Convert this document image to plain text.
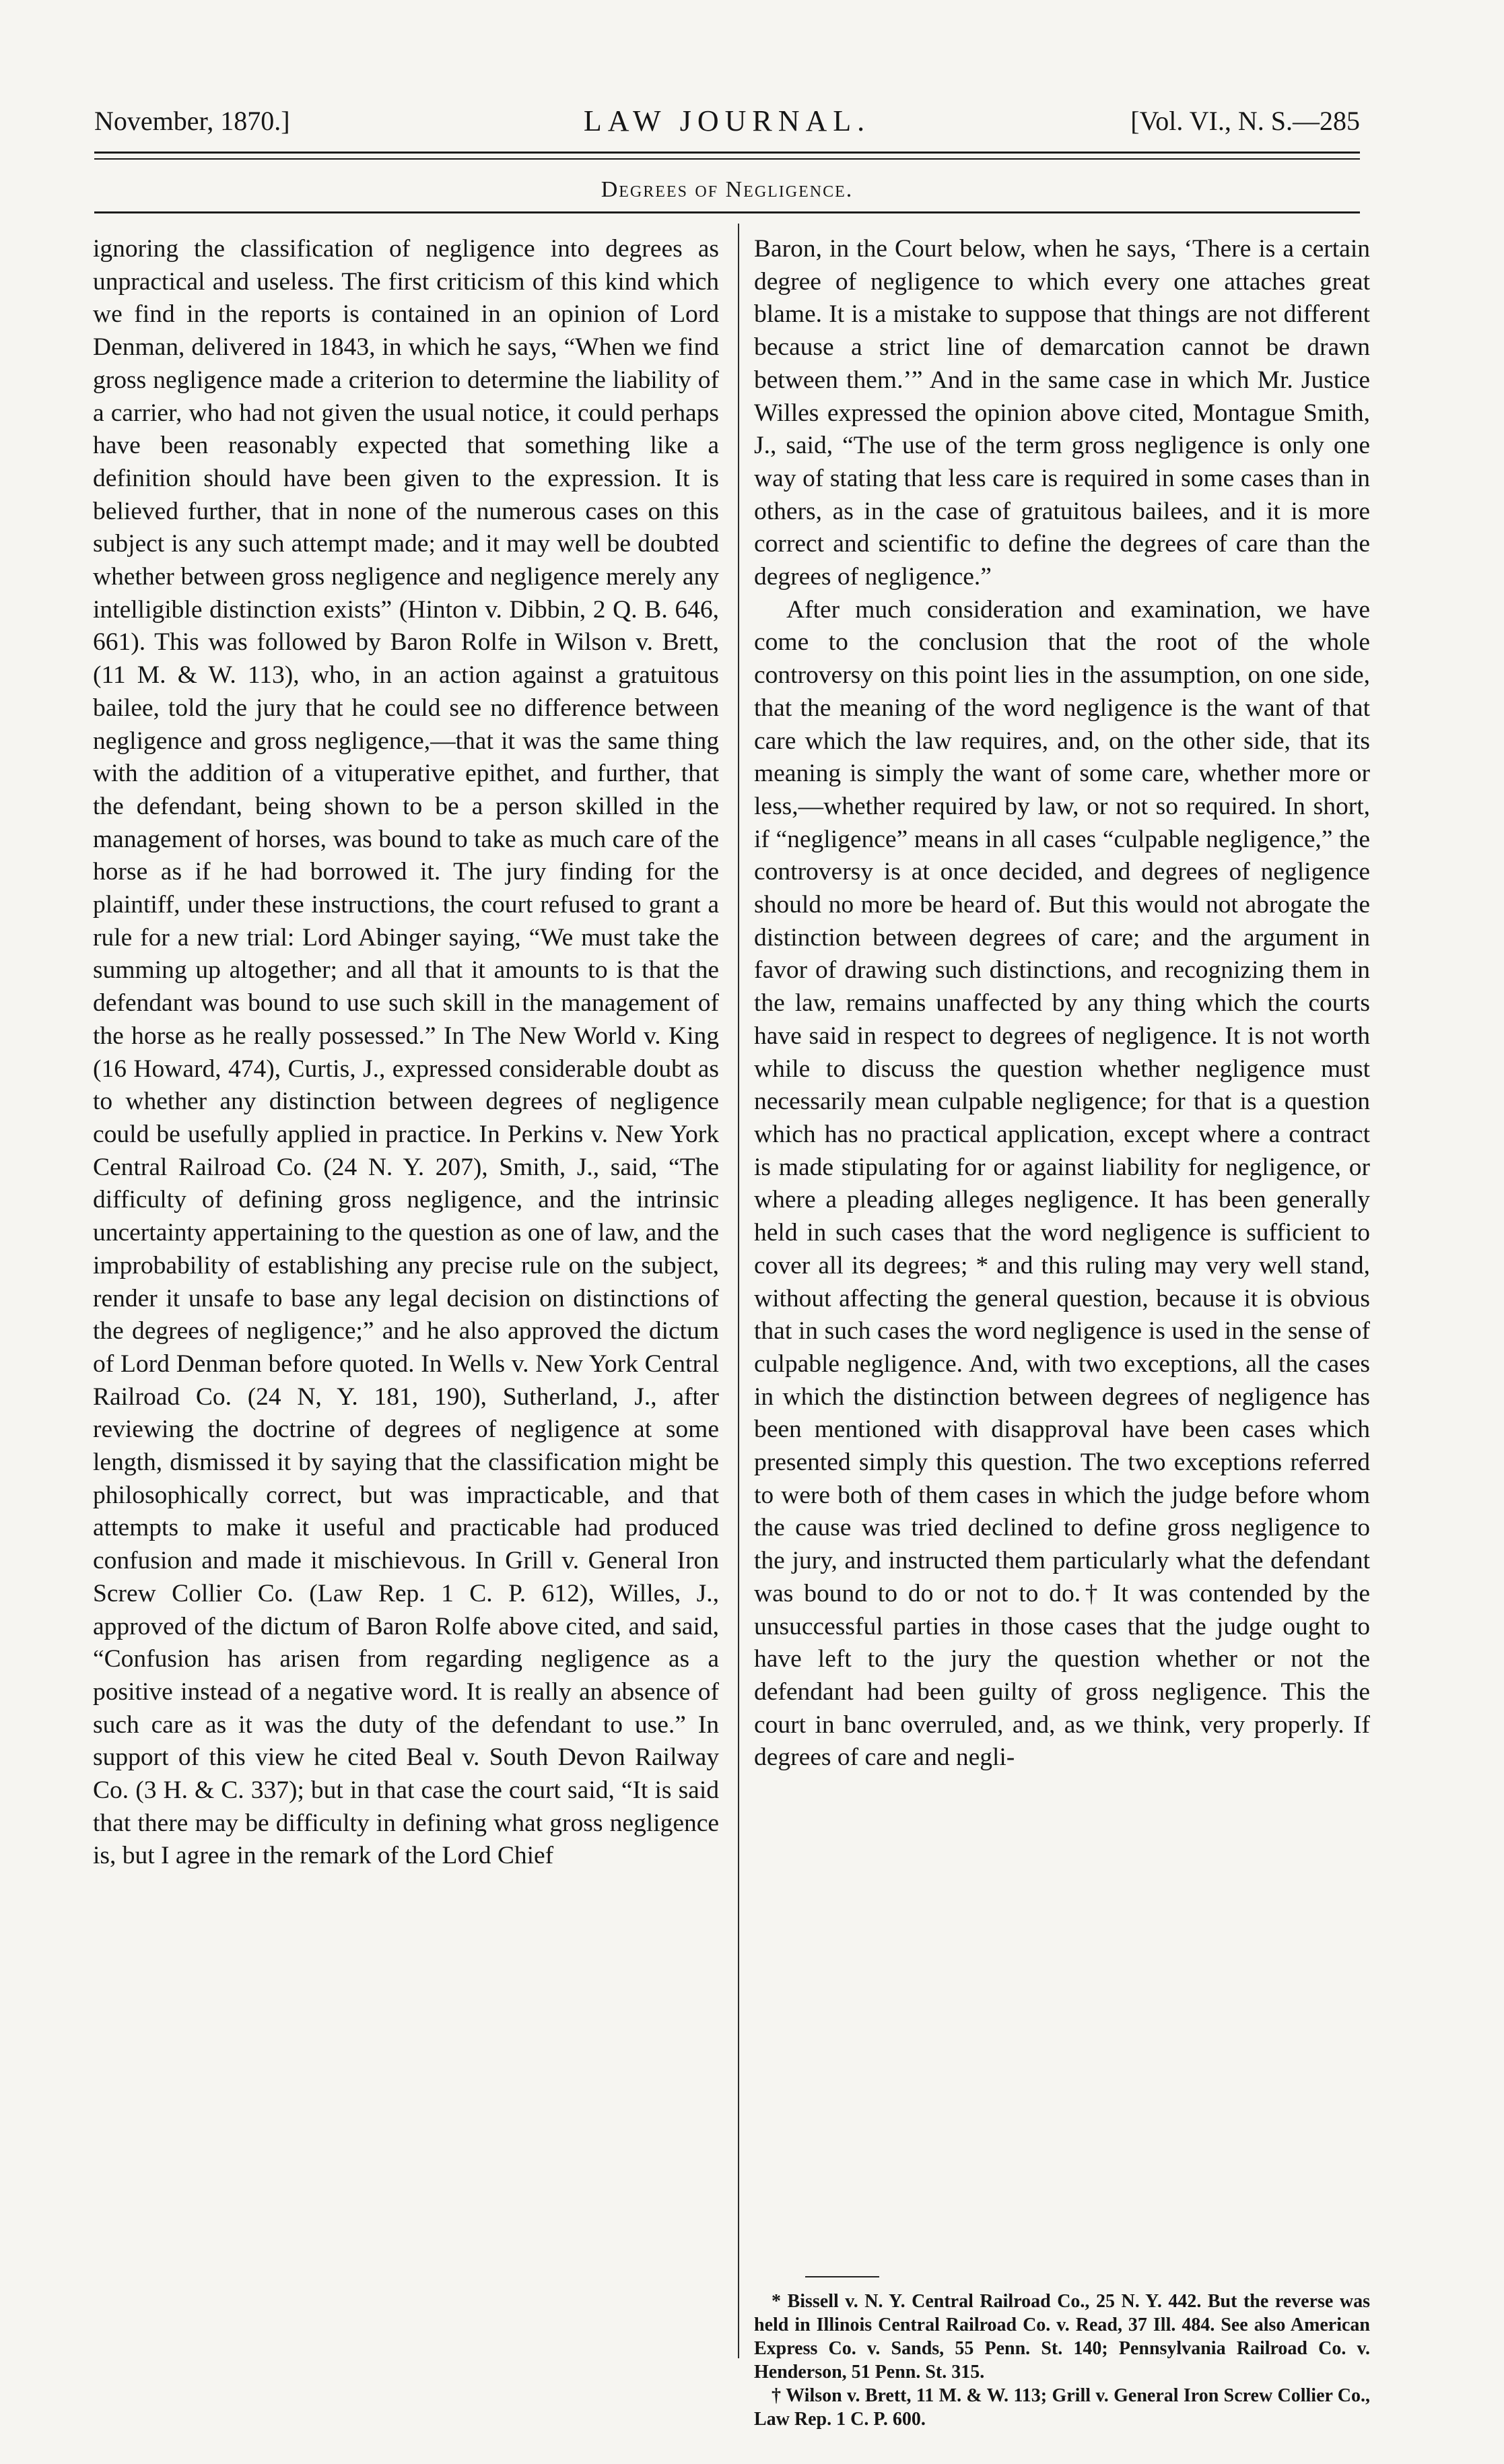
November, 1870.]	LAW JOURNAL.	[Vol. VI., N. S.—285
Degrees of Negligence.

ignoring the classification of negligence into degrees as unpractical and useless. The first criticism of this kind which we find in the reports is contained in an opinion of Lord Denman, delivered in 1843, in which he says, “When we find gross negligence made a criterion to determine the liability of a carrier, who had not given the usual notice, it could perhaps have been reasonably expected that something like a definition should have been given to the expression. It is believed further, that in none of the numerous cases on this subject is any such attempt made; and it may well be doubted whether between gross negligence and negligence merely any intelligible distinction exists” (Hinton v. Dibbin, 2 Q. B. 646, 661). This was followed by Baron Rolfe in Wilson v. Brett, (11 M. & W. 113), who, in an action against a gratuitous bailee, told the jury that he could see no difference between negligence and gross negligence,—that it was the same thing with the addition of a vituperative epithet, and further, that the defendant, being shown to be a person skilled in the management of horses, was bound to take as much care of the horse as if he had borrowed it. The jury finding for the plaintiff, under these instructions, the court refused to grant a rule for a new trial: Lord Abinger saying, “We must take the summing up altogether; and all that it amounts to is that the defendant was bound to use such skill in the management of the horse as he really possessed.” In The New World v. King (16 Howard, 474), Curtis, J., expressed considerable doubt as to whether any distinction between degrees of negligence could be usefully applied in practice. In Perkins v. New York Central Railroad Co. (24 N. Y. 207), Smith, J., said, “The difficulty of defining gross negligence, and the intrinsic uncertainty appertaining to the question as one of law, and the improbability of establishing any precise rule on the subject, render it unsafe to base any legal decision on distinctions of the degrees of negligence;” and he also approved the dictum of Lord Denman before quoted. In Wells v. New York Central Railroad Co. (24 N, Y. 181, 190), Sutherland, J., after reviewing the doctrine of degrees of negligence at some length, dismissed it by saying that the classification might be philosophically correct, but was impracticable, and that attempts to make it useful and practicable had produced confusion and made it mischievous. In Grill v. General Iron Screw Collier Co. (Law Rep. 1 C. P. 612), Willes, J., approved of the dictum of Baron Rolfe above cited, and said, “Confusion has arisen from regarding negligence as a positive instead of a negative word. It is really an absence of such care as it was the duty of the defendant to use.” In support of this view he cited Beal v. South Devon Railway Co. (3 H. & C. 337); but in that case the court said, “It is said that there may be difficulty in defining what gross negligence is, but I agree in the remark of the Lord Chief

Baron, in the Court below, when he says, ‘There is a certain degree of negligence to which every one attaches great blame. It is a mistake to suppose that things are not different because a strict line of demarcation cannot be drawn between them.’” And in the same case in which Mr. Justice Willes expressed the opinion above cited, Montague Smith, J., said, “The use of the term gross negligence is only one way of stating that less care is required in some cases than in others, as in the case of gratuitous bailees, and it is more correct and scientific to define the degrees of care than the degrees of negligence.”

After much consideration and examination, we have come to the conclusion that the root of the whole controversy on this point lies in the assumption, on one side, that the meaning of the word negligence is the want of that care which the law requires, and, on the other side, that its meaning is simply the want of some care, whether more or less,—whether required by law, or not so required. In short, if “negligence” means in all cases “culpable negligence,” the controversy is at once decided, and degrees of negligence should no more be heard of. But this would not abrogate the distinction between degrees of care; and the argument in favor of drawing such distinctions, and recognizing them in the law, remains unaffected by any thing which the courts have said in respect to degrees of negligence. It is not worth while to discuss the question whether negligence must necessarily mean culpable negligence; for that is a question which has no practical application, except where a contract is made stipulating for or against liability for negligence, or where a pleading alleges negligence. It has been generally held in such cases that the word negligence is sufficient to cover all its degrees; * and this ruling may very well stand, without affecting the general question, because it is obvious that in such cases the word negligence is used in the sense of culpable negligence. And, with two exceptions, all the cases in which the distinction between degrees of negligence has been mentioned with disapproval have been cases which presented simply this question. The two exceptions referred to were both of them cases in which the judge before whom the cause was tried declined to define gross negligence to the jury, and instructed them particularly what the defendant was bound to do or not to do.† It was contended by the unsuccessful parties in those cases that the judge ought to have left to the jury the question whether or not the defendant had been guilty of gross negligence. This the court in banc overruled, and, as we think, very properly. If degrees of care and negli-

* Bissell v. N. Y. Central Railroad Co., 25 N. Y. 442. But the reverse was held in Illinois Central Railroad Co. v. Read, 37 Ill. 484. See also American Express Co. v. Sands, 55 Penn. St. 140; Pennsylvania Railroad Co. v. Henderson, 51 Penn. St. 315.

† Wilson v. Brett, 11 M. & W. 113; Grill v. General Iron Screw Collier Co., Law Rep. 1 C. P. 600.
